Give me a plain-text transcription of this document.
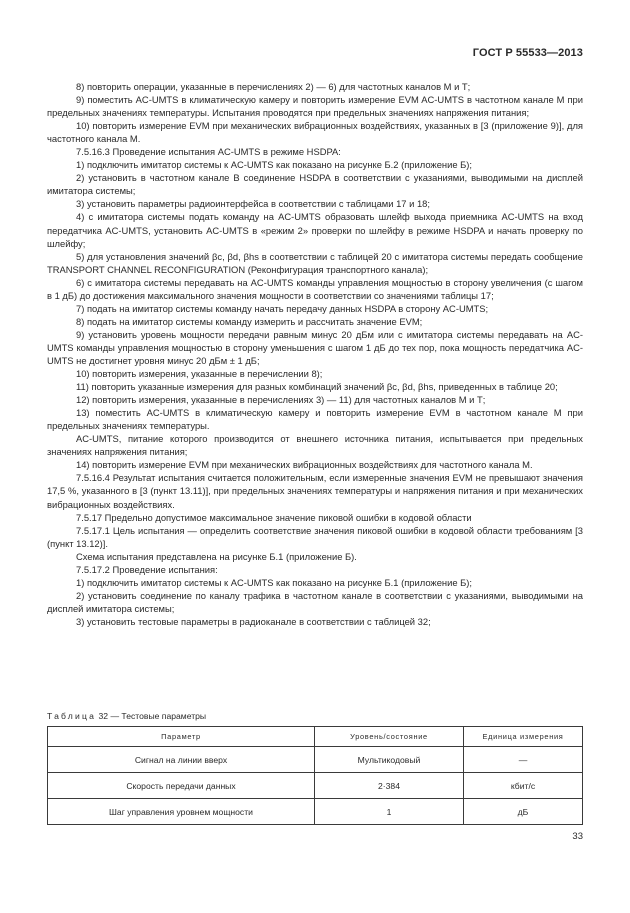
ГОСТ Р 55533—2013

8) повторить операции, указанные в перечислениях 2) — 6) для частотных каналов М и Т;

9) поместить AC-UMTS в климатическую камеру и повторить измерение EVM AC-UMTS в частотном канале М при предельных значениях температуры. Испытания проводятся при предельных значениях напряжения питания;

10) повторить измерение EVM при механических вибрационных воздействиях, указанных в [3 (приложение 9)], для частотного канала М.

7.5.16.3 Проведение испытания AC-UMTS в режиме HSDPA:

1) подключить имитатор системы к AC-UMTS как показано на рисунке Б.2 (приложение Б);

2) установить в частотном канале В соединение HSDPA в соответствии с указаниями, выводимыми на дисплей имитатора системы;

3) установить параметры радиоинтерфейса в соответствии с таблицами 17 и 18;

4) с имитатора системы подать команду на AC-UMTS образовать шлейф выхода приемника AC-UMTS на вход передатчика AC-UMTS, установить AC-UMTS в «режим 2» проверки по шлейфу в режиме HSDPA и начать проверку по шлейфу;

5) для установления значений βc, βd, βhs в соответствии с таблицей 20 с имитатора системы передать сообщение TRANSPORT CHANNEL RECONFIGURATION (Реконфигурация транспортного канала);

6) с имитатора системы передавать на AC-UMTS команды управления мощностью в сторону увеличения (с шагом в 1 дБ) до достижения максимального значения мощности в соответствии со значениями таблицы 17;

7) подать на имитатор системы команду начать передачу данных HSDPA в сторону AC-UMTS;

8) подать на имитатор системы команду измерить и рассчитать значение EVM;

9) установить уровень мощности передачи равным минус 20 дБм или с имитатора системы передавать на AC-UMTS команды управления мощностью в сторону уменьшения с шагом 1 дБ до тех пор, пока мощность передатчика AC-UMTS не достигнет уровня минус 20 дБм ± 1 дБ;

10) повторить измерения, указанные в перечислении 8);

11) повторить указанные измерения для разных комбинаций значений βc, βd, βhs, приведенных в таблице 20;

12) повторить измерения, указанные в перечислениях 3) — 11) для частотных каналов М и Т;

13) поместить AC-UMTS в климатическую камеру и повторить измерение EVM в частотном канале М при предельных значениях температуры.

AC-UMTS, питание которого производится от внешнего источника питания, испытывается при предельных значениях напряжения питания;

14) повторить измерение EVM при механических вибрационных воздействиях для частотного канала М.

7.5.16.4 Результат испытания считается положительным, если измеренные значения EVM не превышают значения 17,5 %, указанного в [3 (пункт 13.11)], при предельных значениях температуры и напряжения питания и при механических вибрационных воздействиях.

7.5.17 Предельно допустимое максимальное значение пиковой ошибки в кодовой области

7.5.17.1 Цель испытания — определить соответствие значения пиковой ошибки в кодовой области требованиям [3 (пункт 13.12)].

Схема испытания представлена на рисунке Б.1 (приложение Б).

7.5.17.2 Проведение испытания:

1) подключить имитатор системы к AC-UMTS как показано на рисунке Б.1 (приложение Б);

2) установить соединение по каналу трафика в частотном канале в соответствии с указаниями, выводимыми на дисплей имитатора системы;

3) установить тестовые параметры в радиоканале в соответствии с таблицей 32;

Таблица 32 — Тестовые параметры
Параметр	Уровень/состояние	Единица измерения
Сигнал на линии вверх	Мультикодовый	—
Скорость передачи данных	2·384	кбит/с
Шаг управления уровнем мощности	1	дБ
33
